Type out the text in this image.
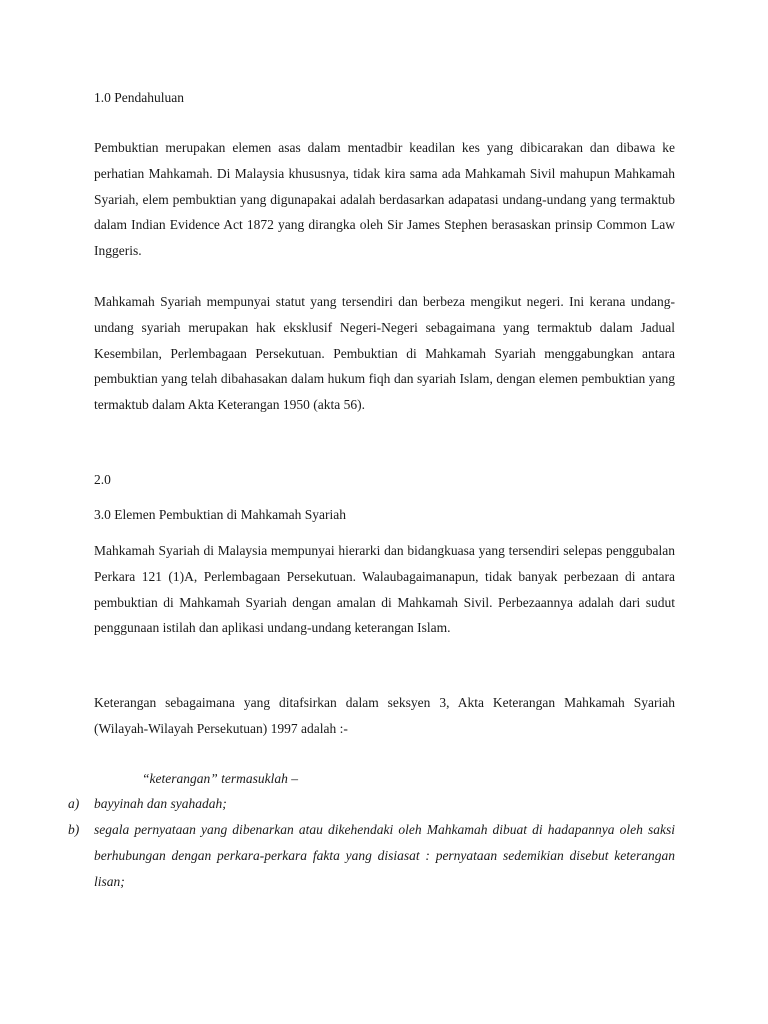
1.0 Pendahuluan

Pembuktian merupakan elemen asas dalam mentadbir keadilan kes yang dibicarakan dan dibawa ke perhatian Mahkamah. Di Malaysia khususnya, tidak kira sama ada Mahkamah Sivil mahupun Mahkamah Syariah, elem pembuktian yang digunapakai adalah berdasarkan adapatasi undang-undang yang termaktub dalam Indian Evidence Act 1872 yang dirangka oleh Sir James Stephen berasaskan prinsip Common Law Inggeris.

Mahkamah Syariah mempunyai statut yang tersendiri dan berbeza mengikut negeri. Ini kerana undang-undang syariah merupakan hak eksklusif Negeri-Negeri sebagaimana yang termaktub dalam Jadual Kesembilan, Perlembagaan Persekutuan. Pembuktian di Mahkamah Syariah menggabungkan antara pembuktian yang telah dibahasakan dalam hukum fiqh dan syariah Islam, dengan elemen pembuktian yang termaktub dalam Akta Keterangan 1950 (akta 56).

2.0
3.0 Elemen Pembuktian di Mahkamah Syariah

Mahkamah Syariah di Malaysia mempunyai hierarki dan bidangkuasa yang tersendiri selepas penggubalan Perkara 121 (1)A, Perlembagaan Persekutuan. Walaubagaimanapun, tidak banyak perbezaan di antara pembuktian di Mahkamah Syariah dengan amalan di Mahkamah Sivil. Perbezaannya adalah dari sudut penggunaan istilah dan aplikasi undang-undang keterangan Islam.

Keterangan sebagaimana yang ditafsirkan dalam seksyen 3, Akta Keterangan Mahkamah Syariah (Wilayah-Wilayah Persekutuan) 1997 adalah :-

“keterangan” termasuklah –

a) bayyinah dan syahadah;
b) segala pernyataan yang dibenarkan atau dikehendaki oleh Mahkamah dibuat di hadapannya oleh saksi berhubungan dengan perkara-perkara fakta yang disiasat : pernyataan sedemikian disebut keterangan lisan;
